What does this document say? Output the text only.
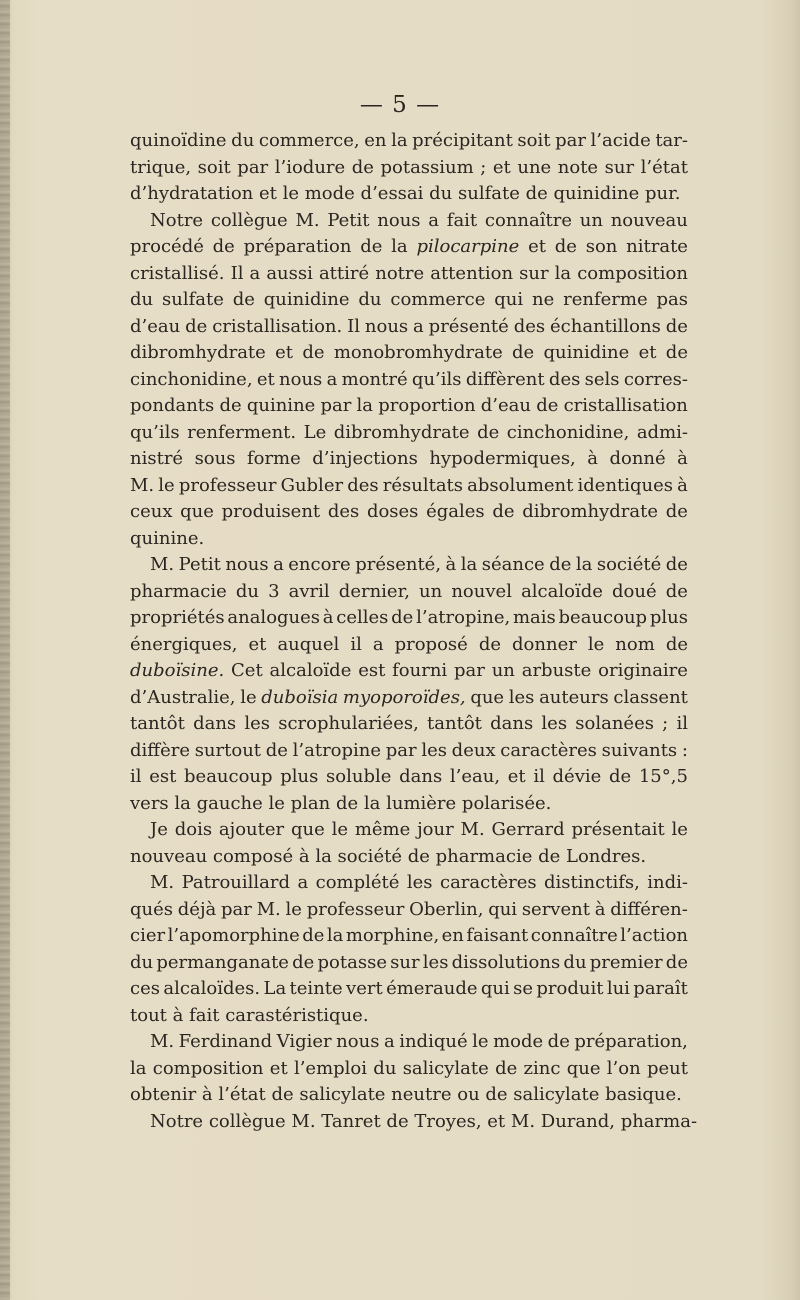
— 5 —
quinoïdine du commerce, en la précipitant soit par l’acide tar-
trique, soit par l’iodure de potassium ; et une note sur l’état
d’hydratation et le mode d’essai du sulfate de quinidine pur.
Notre collègue M. Petit nous a fait connaître un nouveau
procédé de préparation de la pilocarpine et de son nitrate
cristallisé. Il a aussi attiré notre attention sur la composition
du sulfate de quinidine du commerce qui ne renferme pas
d’eau de cristallisation. Il nous a présenté des échantillons de
dibromhydrate et de monobromhydrate de quinidine et de
cinchonidine, et nous a montré qu’ils diffèrent des sels corres-
pondants de quinine par la proportion d’eau de cristallisation
qu’ils renferment. Le dibromhydrate de cinchonidine, admi-
nistré sous forme d’injections hypodermiques, à donné à
M. le professeur Gubler des résultats absolument identiques à
ceux que produisent des doses égales de dibromhydrate de
quinine.
M. Petit nous a encore présenté, à la séance de la société de
pharmacie du 3 avril dernier, un nouvel alcaloïde doué de
propriétés analogues à celles de l’atropine, mais beaucoup plus
énergiques, et auquel il a proposé de donner le nom de
duboïsine. Cet alcaloïde est fourni par un arbuste originaire
d’Australie, le duboïsia myoporoïdes, que les auteurs classent
tantôt dans les scrophulariées, tantôt dans les solanées ; il
diffère surtout de l’atropine par les deux caractères suivants :
il est beaucoup plus soluble dans l’eau, et il dévie de 15°,5
vers la gauche le plan de la lumière polarisée.
Je dois ajouter que le même jour M. Gerrard présentait le
nouveau composé à la société de pharmacie de Londres.
M. Patrouillard a complété les caractères distinctifs, indi-
qués déjà par M. le professeur Oberlin, qui servent à différen-
cier l’apomorphine de la morphine, en faisant connaître l’action
du permanganate de potasse sur les dissolutions du premier de
ces alcaloïdes. La teinte vert émeraude qui se produit lui paraît
tout à fait carastéristique.
M. Ferdinand Vigier nous a indiqué le mode de préparation,
la composition et l’emploi du salicylate de zinc que l’on peut
obtenir à l’état de salicylate neutre ou de salicylate basique.
Notre collègue M. Tanret de Troyes, et M. Durand, pharma-
